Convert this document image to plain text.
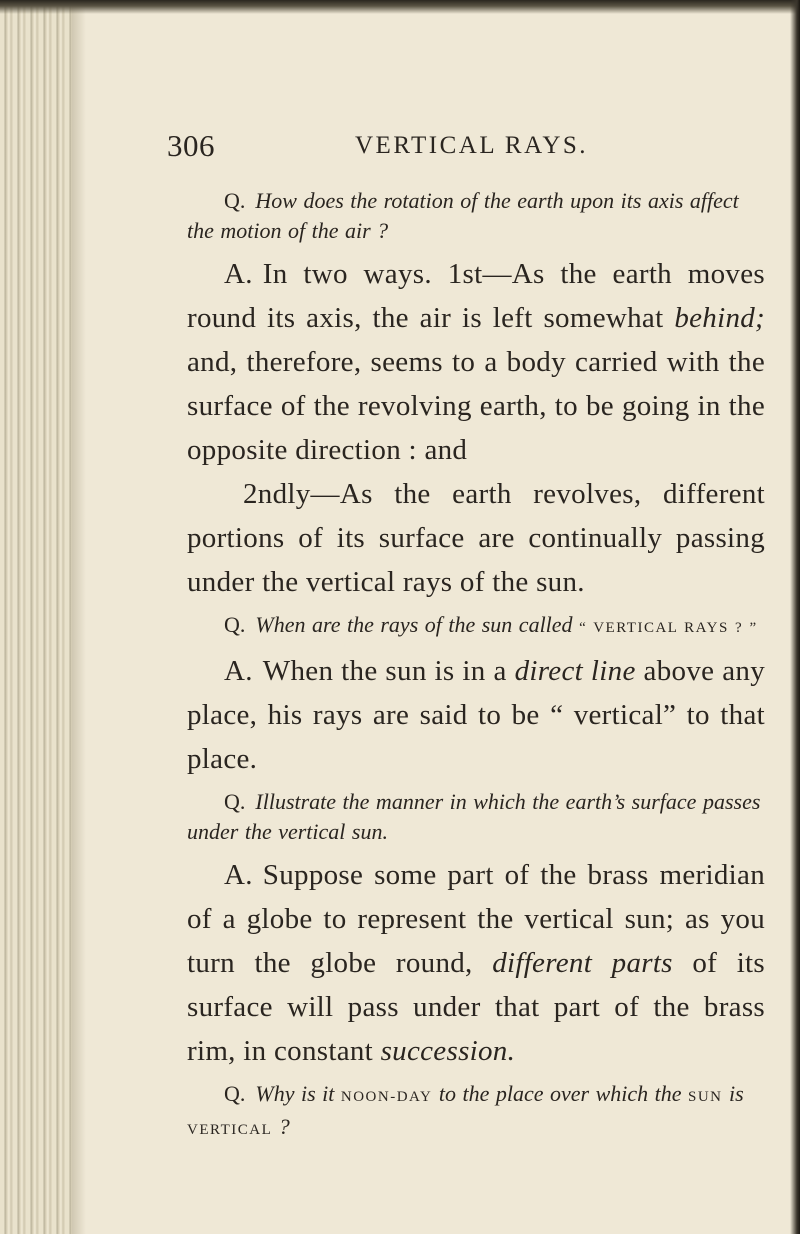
306	VERTICAL RAYS.

Q. How does the rotation of the earth upon its axis affect the motion of the air ?

A. In two ways. 1st—As the earth moves round its axis, the air is left somewhat behind; and, therefore, seems to a body carried with the surface of the revolving earth, to be going in the opposite direction : and
2ndly—As the earth revolves, different portions of its surface are continually passing under the vertical rays of the sun.

Q. When are the rays of the sun called “ VERTICAL RAYS ? ”

A. When the sun is in a direct line above any place, his rays are said to be “ vertical” to that place.

Q. Illustrate the manner in which the earth’s surface passes under the vertical sun.

A. Suppose some part of the brass meridian of a globe to represent the vertical sun; as you turn the globe round, different parts of its surface will pass under that part of the brass rim, in constant succession.

Q. Why is it NOON-DAY to the place over which the SUN is VERTICAL ?
